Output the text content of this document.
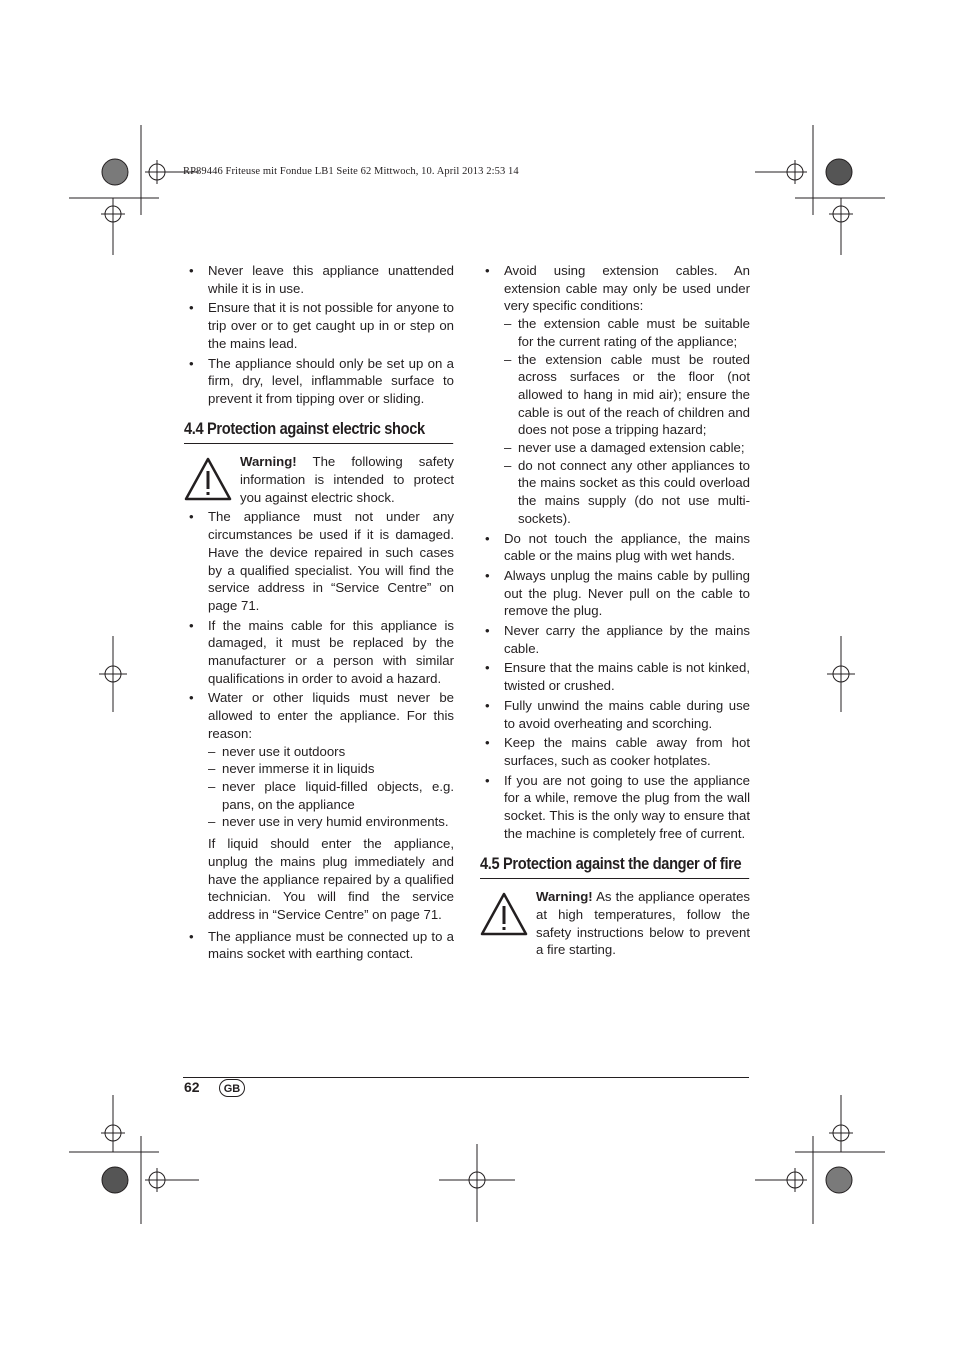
RP89446 Friteuse mit Fondue LB1 Seite 62 Mittwoch, 10. April 2013 2:53 14
• Never leave this appliance unattended while it is in use.
• Ensure that it is not possible for anyone to trip over or to get caught up in or step on the mains lead.
• The appliance should only be set up on a firm, dry, level, inflammable surface to prevent it from tipping over or sliding.
4.4 Protection against electric shock
Warning! The following safety information is intended to protect you against electric shock.
• The appliance must not under any circumstances be used if it is damaged. Have the device repaired in such cases by a qualified specialist. You will find the service address in “Service Centre” on page 71.
• If the mains cable for this appliance is damaged, it must be replaced by the manufacturer or a person with similar qualifications in order to avoid a hazard.
• Water or other liquids must never be allowed to enter the appliance. For this reason:
– never use it outdoors
– never immerse it in liquids
– never place liquid-filled objects, e.g. pans, on the appliance
– never use in very humid environments.
If liquid should enter the appliance, unplug the mains plug immediately and have the appliance repaired by a qualified technician. You will find the service address in “Service Centre” on page 71.
• The appliance must be connected up to a mains socket with earthing contact.
• Avoid using extension cables. An extension cable may only be used under very specific conditions:
– the extension cable must be suitable for the current rating of the appliance;
– the extension cable must be routed across surfaces or the floor (not allowed to hang in mid air); ensure the cable is out of the reach of children and does not pose a tripping hazard;
– never use a damaged extension cable;
– do not connect any other appliances to the mains socket as this could overload the mains supply (do not use multi-sockets).
• Do not touch the appliance, the mains cable or the mains plug with wet hands.
• Always unplug the mains cable by pulling out the plug. Never pull on the cable to remove the plug.
• Never carry the appliance by the mains cable.
• Ensure that the mains cable is not kinked, twisted or crushed.
• Fully unwind the mains cable during use to avoid overheating and scorching.
• Keep the mains cable away from hot surfaces, such as cooker hotplates.
• If you are not going to use the appliance for a while, remove the plug from the wall socket. This is the only way to ensure that the machine is completely free of current.
4.5 Protection against the danger of fire
Warning! As the appliance operates at high temperatures, follow the safety instructions below to prevent a fire starting.
62	GB
